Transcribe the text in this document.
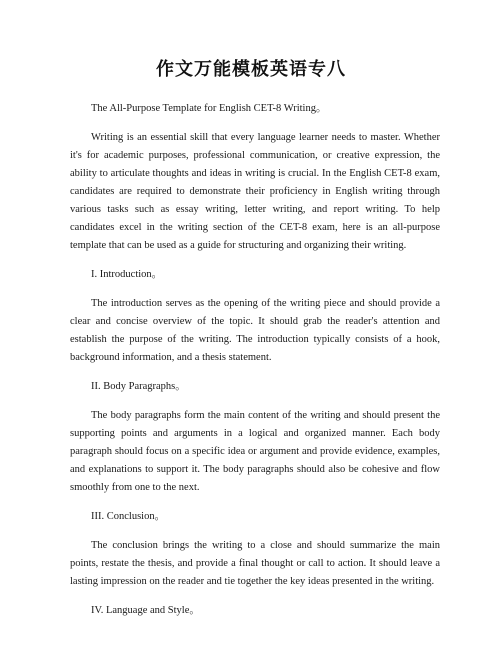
作文万能模板英语专八

The All-Purpose Template for English CET-8 Writing。

Writing is an essential skill that every language learner needs to master. Whether it's for academic purposes, professional communication, or creative expression, the ability to articulate thoughts and ideas in writing is crucial. In the English CET-8 exam, candidates are required to demonstrate their proficiency in English writing through various tasks such as essay writing, letter writing, and report writing. To help candidates excel in the writing section of the CET-8 exam, here is an all-purpose template that can be used as a guide for structuring and organizing their writing.

I. Introduction。

The introduction serves as the opening of the writing piece and should provide a clear and concise overview of the topic. It should grab the reader's attention and establish the purpose of the writing. The introduction typically consists of a hook, background information, and a thesis statement.

II. Body Paragraphs。

The body paragraphs form the main content of the writing and should present the supporting points and arguments in a logical and organized manner. Each body paragraph should focus on a specific idea or argument and provide evidence, examples, and explanations to support it. The body paragraphs should also be cohesive and flow smoothly from one to the next.

III. Conclusion。

The conclusion brings the writing to a close and should summarize the main points, restate the thesis, and provide a final thought or call to action. It should leave a lasting impression on the reader and tie together the key ideas presented in the writing.

IV. Language and Style。
